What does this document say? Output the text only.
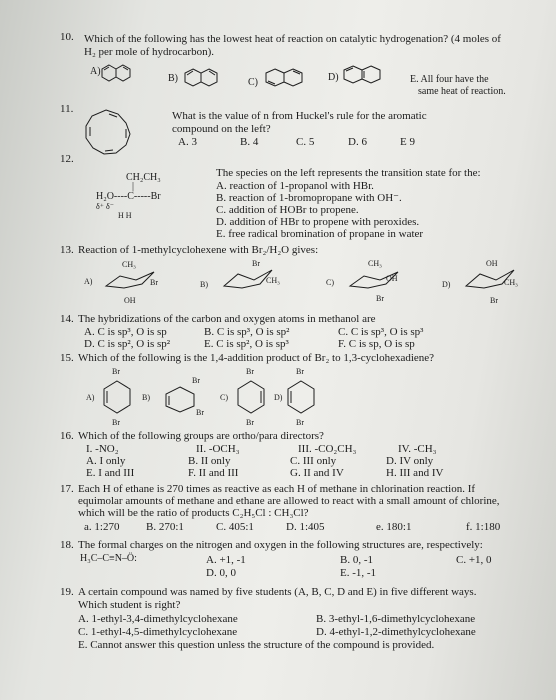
10. Which of the following has the lowest heat of reaction on catalytic hydrogenation? (4 moles of
H₂ per mole of hydrocarbon).
A)
B)	C)	D)	E. All four have the
same heat of reaction.
11.
What is the value of n from Huckel's rule for the aromatic
compound on the left?
A. 3	B. 4	C. 5	D. 6	E 9
12.
CH₂CH₃
|
H₂O----C-----Br
δ⁺ δ⁻
H H
The species on the left represents the transition state for the:
A. reaction of 1-propanol with HBr.
B. reaction of 1-bromopropane with OH⁻.
C. addition of HOBr to propene.
D. addition of HBr to propene with peroxides.
E. free radical bromination of propane in water
13. Reaction of 1-methylcyclohexene with Br₂/H₂O gives:
A)
CH₃
Br
OH
B)
Br
CH₃	C)
CH₃
OH
Br
D)
OH
CH₃
Br
14. The hybridizations of the carbon and oxygen atoms in methanol are
A. C is sp³, O is sp	B. C is sp³, O is sp²	C. C is sp³, O is sp³
D. C is sp², O is sp²	E. C is sp², O is sp³	F. C is sp, O is sp
15. Which of the following is the 1,4-addition product of Br₂ to 1,3-cyclohexadiene?
A)
Br
Br
B)
Br
Br
C)
Br
Br
D)
Br
Br
16. Which of the following groups are ortho/para directors?
I. -NO₂	II. -OCH₃	III. -CO₂CH₃	IV. -CH₃
A. I only	B. II only	C. III only	D. IV only
E. I and III	F. II and III	G. II and IV	H. III and IV
17. Each H of ethane is 270 times as reactive as each H of methane in chlorination reaction. If
equimolar amounts of methane and ethane are allowed to react with a small amount of chlorine,
which will be the ratio of products C₂H₅Cl : CH₃Cl?
a. 1:270 B. 270:1	C. 405:1	D. 1:405	e. 180:1	f. 1:180
18. The formal charges on the nitrogen and oxygen in the following structures are, respectively:
H₃C–C≡N–Ö:	A. +1, -1	B. 0, -1	C. +1, 0
D. 0, 0	E. -1, -1
19. A certain compound was named by five students (A, B, C, D and E) in five different ways.
Which student is right?
A. 1-ethyl-3,4-dimethylcyclohexane	B. 3-ethyl-1,6-dimethylcyclohexane
C. 1-ethyl-4,5-dimethylcyclohexane	D. 4-ethyl-1,2-dimethylcyclohexane
E. Cannot answer this question unless the structure of the compound is provided.
